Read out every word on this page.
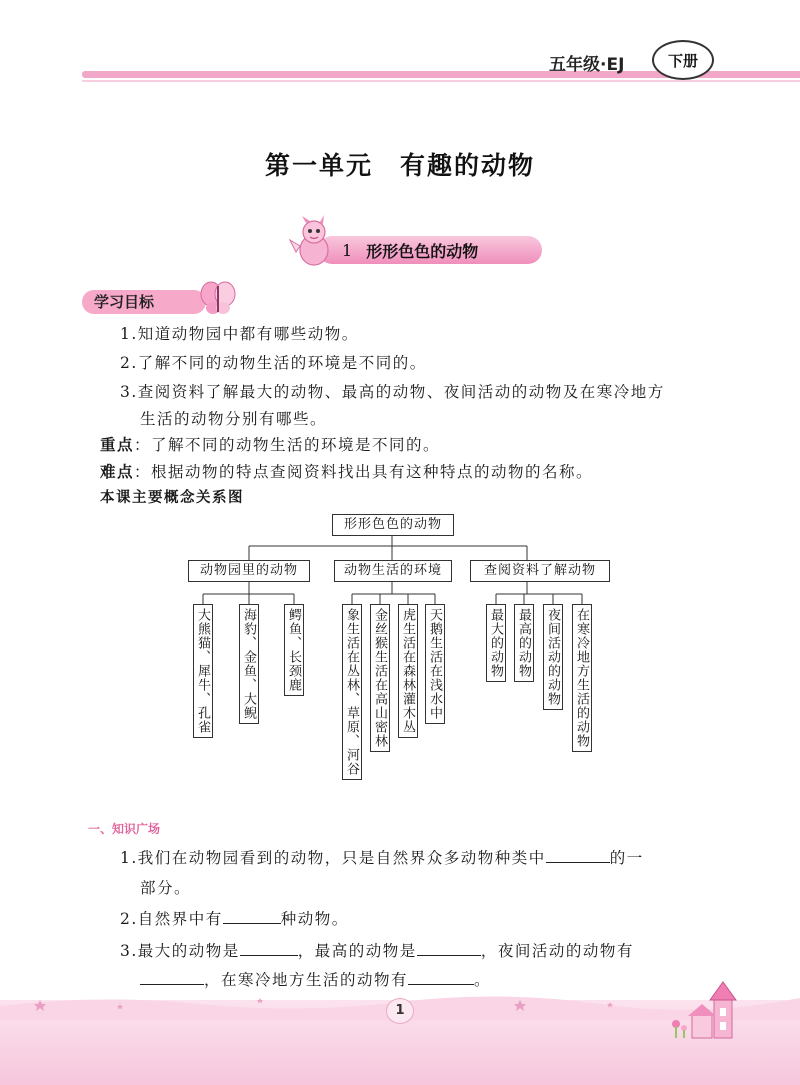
五年级·EJ	下册
第一单元　有趣的动物
1 形形色色的动物
学习目标
1.知道动物园中都有哪些动物。
2.了解不同的动物生活的环境是不同的。
3.查阅资料了解最大的动物、最高的动物、夜间活动的动物及在寒冷地方
生活的动物分别有哪些。
重点：了解不同的动物生活的环境是不同的。
难点：根据动物的特点查阅资料找出具有这种特点的动物的名称。
本课主要概念关系图
形形色色的动物
动物园里的动物	动物生活的环境	查阅资料了解动物
大熊猫、犀牛、孔雀 海豹、金鱼、大鲵 鳄鱼、长颈鹿	象生活在丛林、草原、河谷 金丝猴生活在高山密林 虎生活在森林灌木丛 天鹅生活在浅水中	最大的动物 最高的动物 夜间活动的动物 在寒冷地方生活的动物
一、知识广场
1.我们在动物园看到的动物，只是自然界众多动物种类中	的一
部分。
2.自然界中有	种动物。
3.最大的动物是	，最高的动物是	，夜间活动的动物有
，在寒冷地方生活的动物有	。
1
